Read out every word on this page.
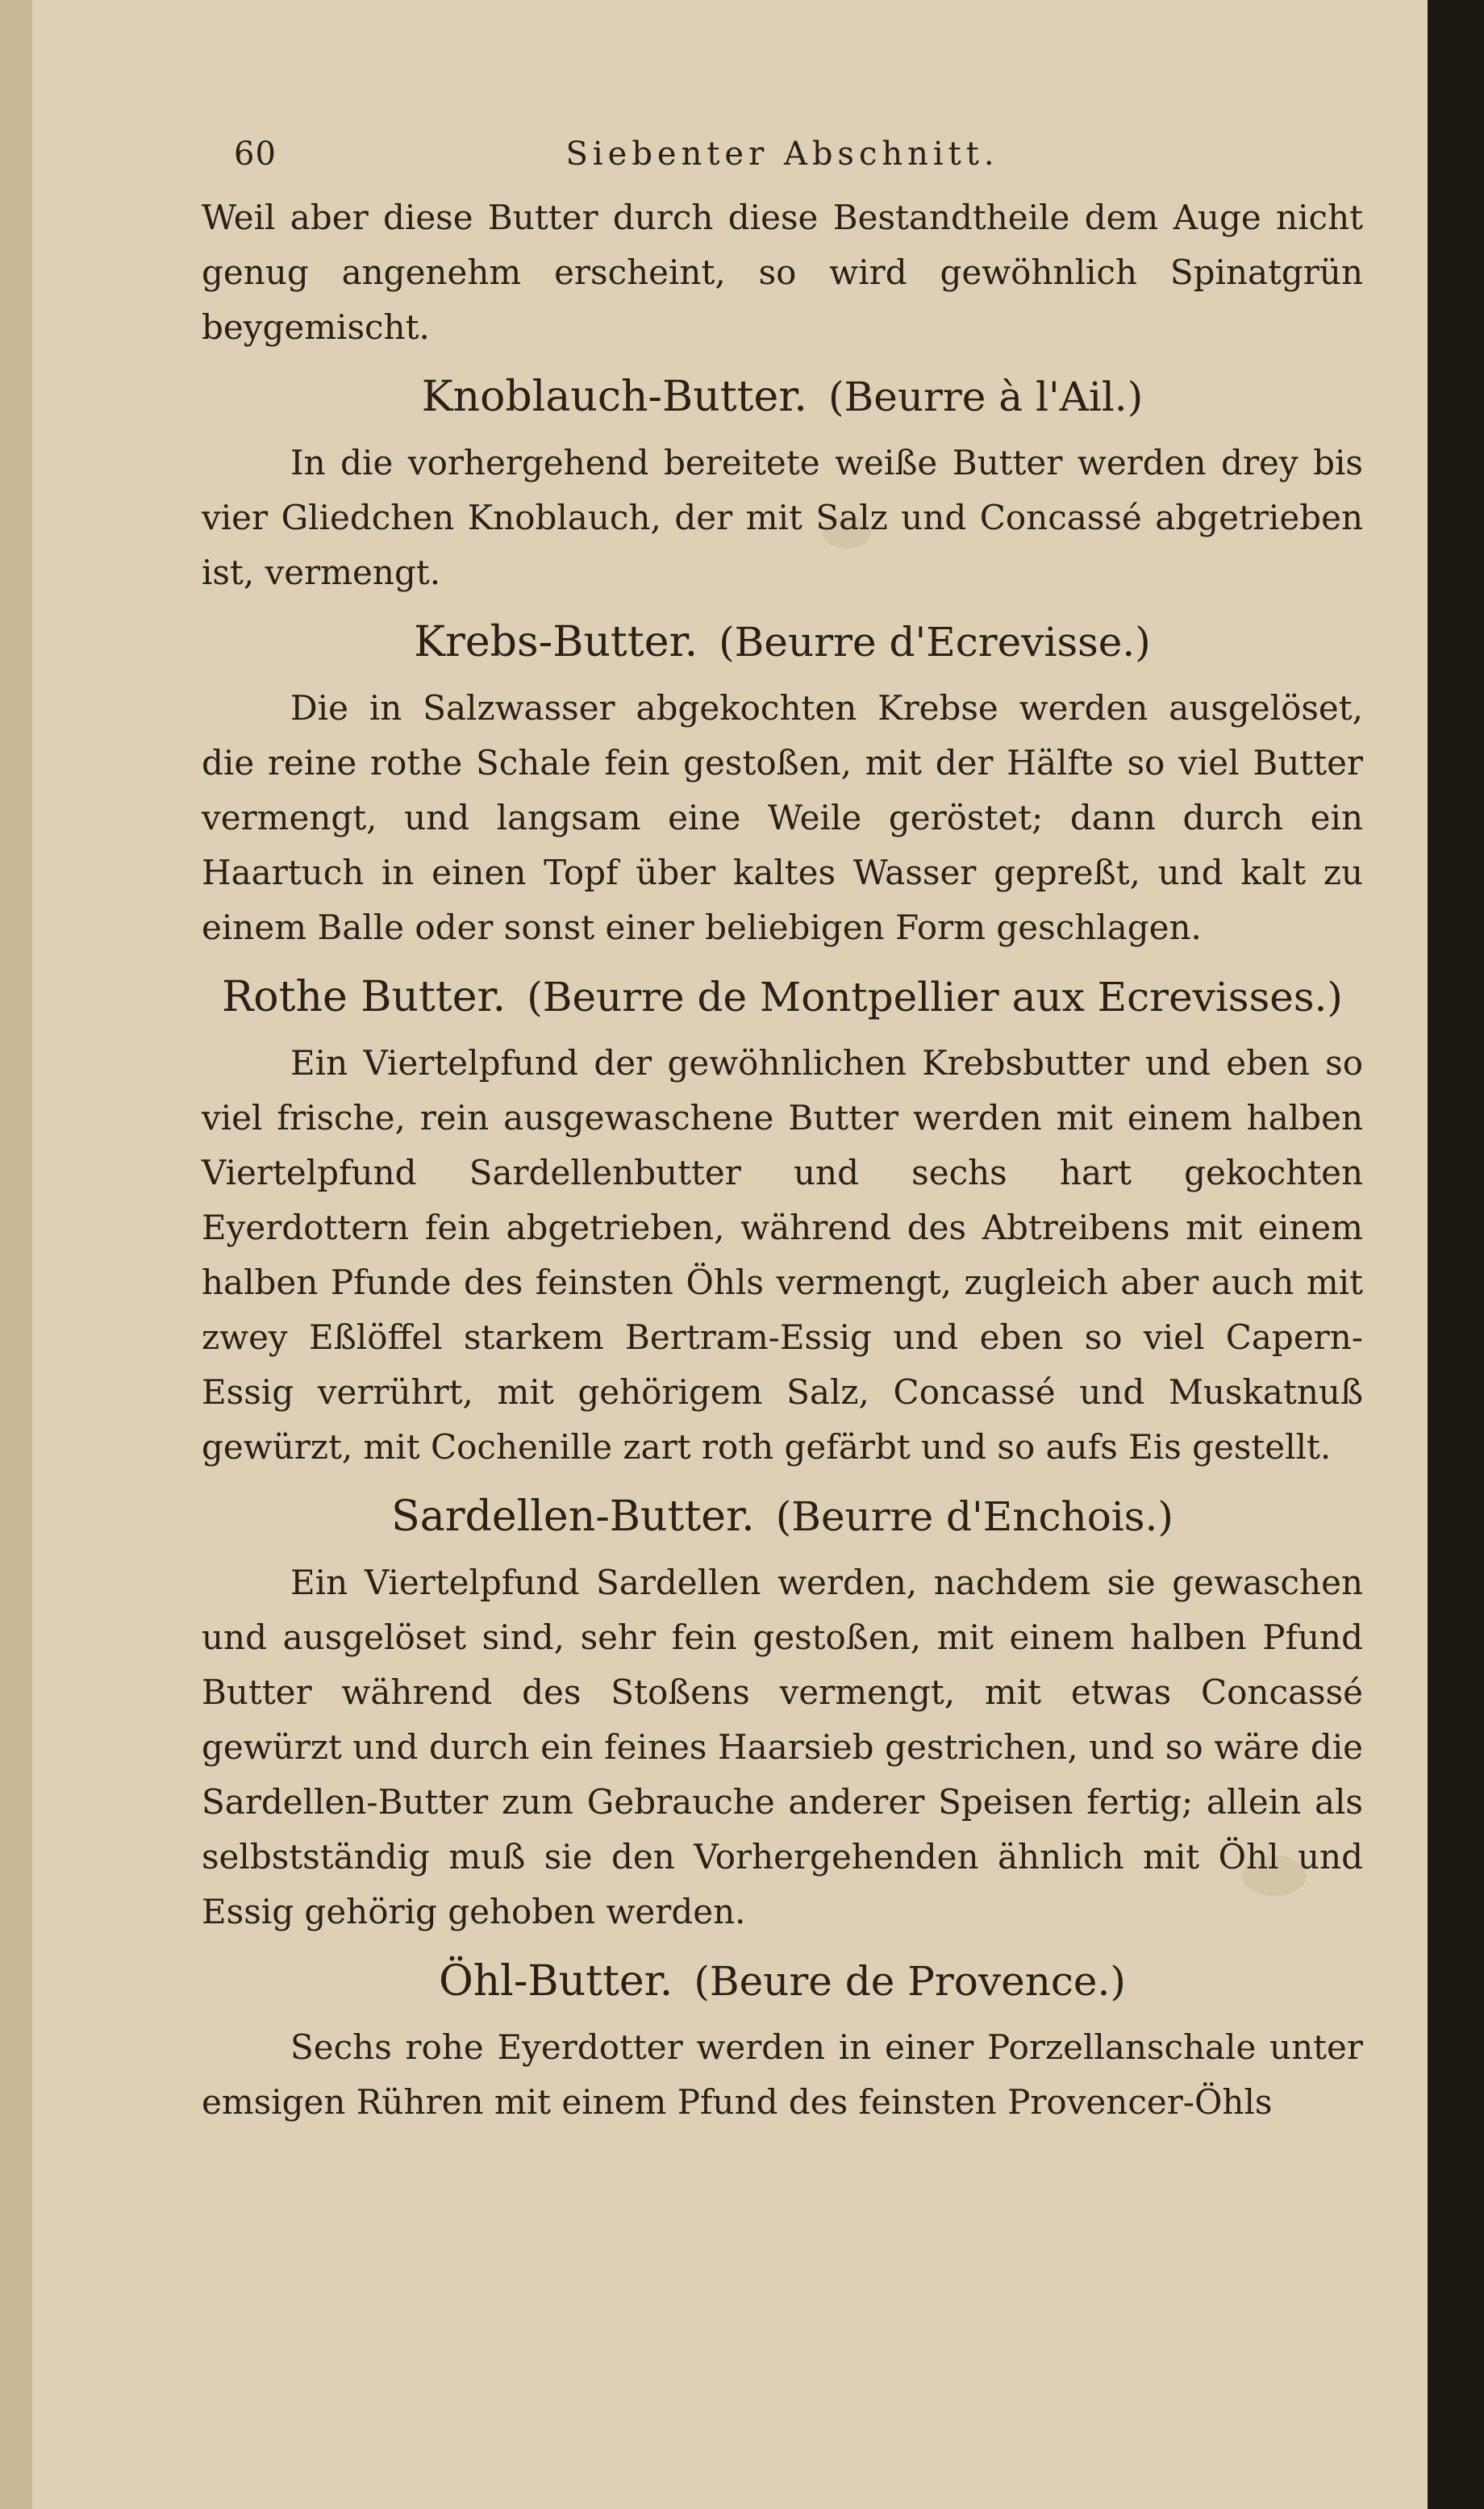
60	Siebenter Abschnitt.

Weil aber diese Butter durch diese Bestandtheile dem Auge nicht genug angenehm erscheint, so wird gewöhnlich Spinatgrün beygemischt.

Knoblauch-Butter. (Beurre à l'Ail.)

In die vorhergehend bereitete weiße Butter werden drey bis vier Gliedchen Knoblauch, der mit Salz und Concassé abgetrieben ist, vermengt.

Krebs-Butter. (Beurre d'Ecrevisse.)

Die in Salzwasser abgekochten Krebse werden ausgelöset, die reine rothe Schale fein gestoßen, mit der Hälfte so viel Butter vermengt, und langsam eine Weile geröstet; dann durch ein Haartuch in einen Topf über kaltes Wasser gepreßt, und kalt zu einem Balle oder sonst einer beliebigen Form geschlagen.

Rothe Butter. (Beurre de Montpellier aux Ecrevisses.)

Ein Viertelpfund der gewöhnlichen Krebsbutter und eben so viel frische, rein ausgewaschene Butter werden mit einem halben Viertelpfund Sardellenbutter und sechs hart gekochten Eyerdottern fein abgetrieben, während des Abtreibens mit einem halben Pfunde des feinsten Öhls vermengt, zugleich aber auch mit zwey Eßlöffel starkem Bertram-Essig und eben so viel Capern-Essig verrührt, mit gehörigem Salz, Concassé und Muskatnuß gewürzt, mit Cochenille zart roth gefärbt und so aufs Eis gestellt.

Sardellen-Butter. (Beurre d'Enchois.)

Ein Viertelpfund Sardellen werden, nachdem sie gewaschen und ausgelöset sind, sehr fein gestoßen, mit einem halben Pfund Butter während des Stoßens vermengt, mit etwas Concassé gewürzt und durch ein feines Haarsieb gestrichen, und so wäre die Sardellen-Butter zum Gebrauche anderer Speisen fertig; allein als selbstständig muß sie den Vorhergehenden ähnlich mit Öhl und Essig gehörig gehoben werden.

Öhl-Butter. (Beure de Provence.)

Sechs rohe Eyerdotter werden in einer Porzellanschale unter emsigen Rühren mit einem Pfund des feinsten Provencer-Öhls
